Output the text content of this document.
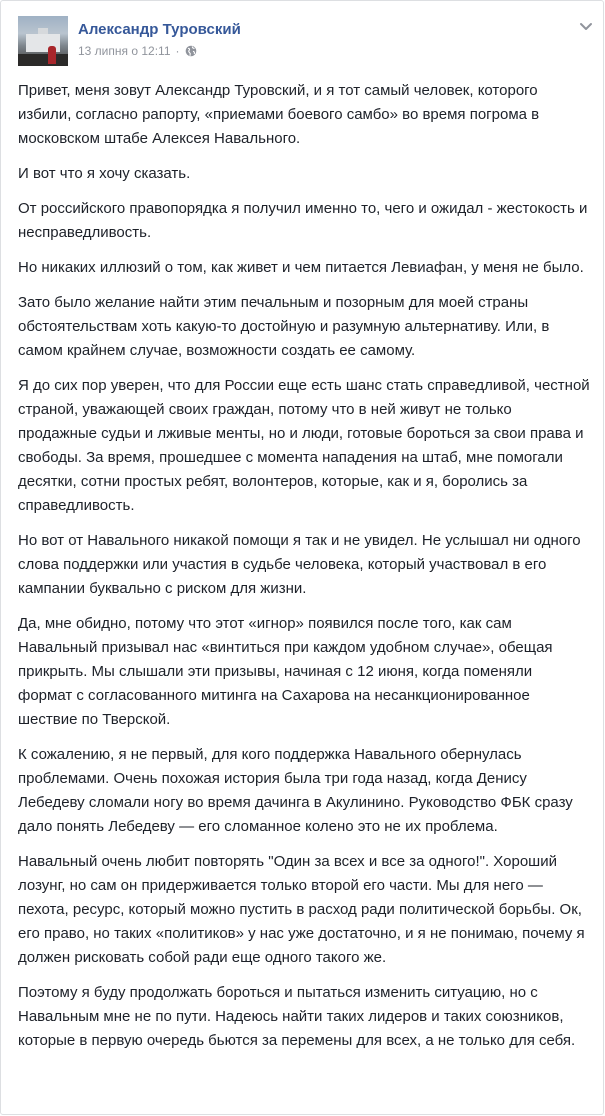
Александр Туровский
13 липня о 12:11 ·

Привет, меня зовут Александр Туровский, и я тот самый человек, которого избили, согласно рапорту, «приемами боевого самбо» во время погрома в московском штабе Алексея Навального.

И вот что я хочу сказать.

От российского правопорядка я получил именно то, чего и ожидал - жестокость и несправедливость.

Но никаких иллюзий о том, как живет и чем питается Левиафан, у меня не было.

Зато было желание найти этим печальным и позорным для моей страны обстоятельствам хоть какую-то достойную и разумную альтернативу. Или, в самом крайнем случае, возможности создать ее самому.

Я до сих пор уверен, что для России еще есть шанс стать справедливой, честной страной, уважающей своих граждан, потому что в ней живут не только продажные судьи и лживые менты, но и люди, готовые бороться за свои права и свободы. За время, прошедшее с момента нападения на штаб, мне помогали десятки, сотни простых ребят, волонтеров, которые, как и я, боролись за справедливость.

Но вот от Навального никакой помощи я так и не увидел. Не услышал ни одного слова поддержки или участия в судьбе человека, который участвовал в его кампании буквально с риском для жизни.

Да, мне обидно, потому что этот «игнор» появился после того, как сам Навальный призывал нас «винтиться при каждом удобном случае», обещая прикрыть. Мы слышали эти призывы, начиная с 12 июня, когда поменяли формат с согласованного митинга на Сахарова на несанкционированное шествие по Тверской.

К сожалению, я не первый, для кого поддержка Навального обернулась проблемами. Очень похожая история была три года назад, когда Денису Лебедеву сломали ногу во время дачинга в Акулинино. Руководство ФБК сразу дало понять Лебедеву — его сломанное колено это не их проблема.

Навальный очень любит повторять "Один за всех и все за одного!". Хороший лозунг, но сам он придерживается только второй его части. Мы для него — пехота, ресурс, который можно пустить в расход ради политической борьбы. Ок, его право, но таких «политиков» у нас уже достаточно, и я не понимаю, почему я должен рисковать собой ради еще одного такого же.

Поэтому я буду продолжать бороться и пытаться изменить ситуацию, но с Навальным мне не по пути. Надеюсь найти таких лидеров и таких союзников, которые в первую очередь бьются за перемены для всех, а не только для себя.
